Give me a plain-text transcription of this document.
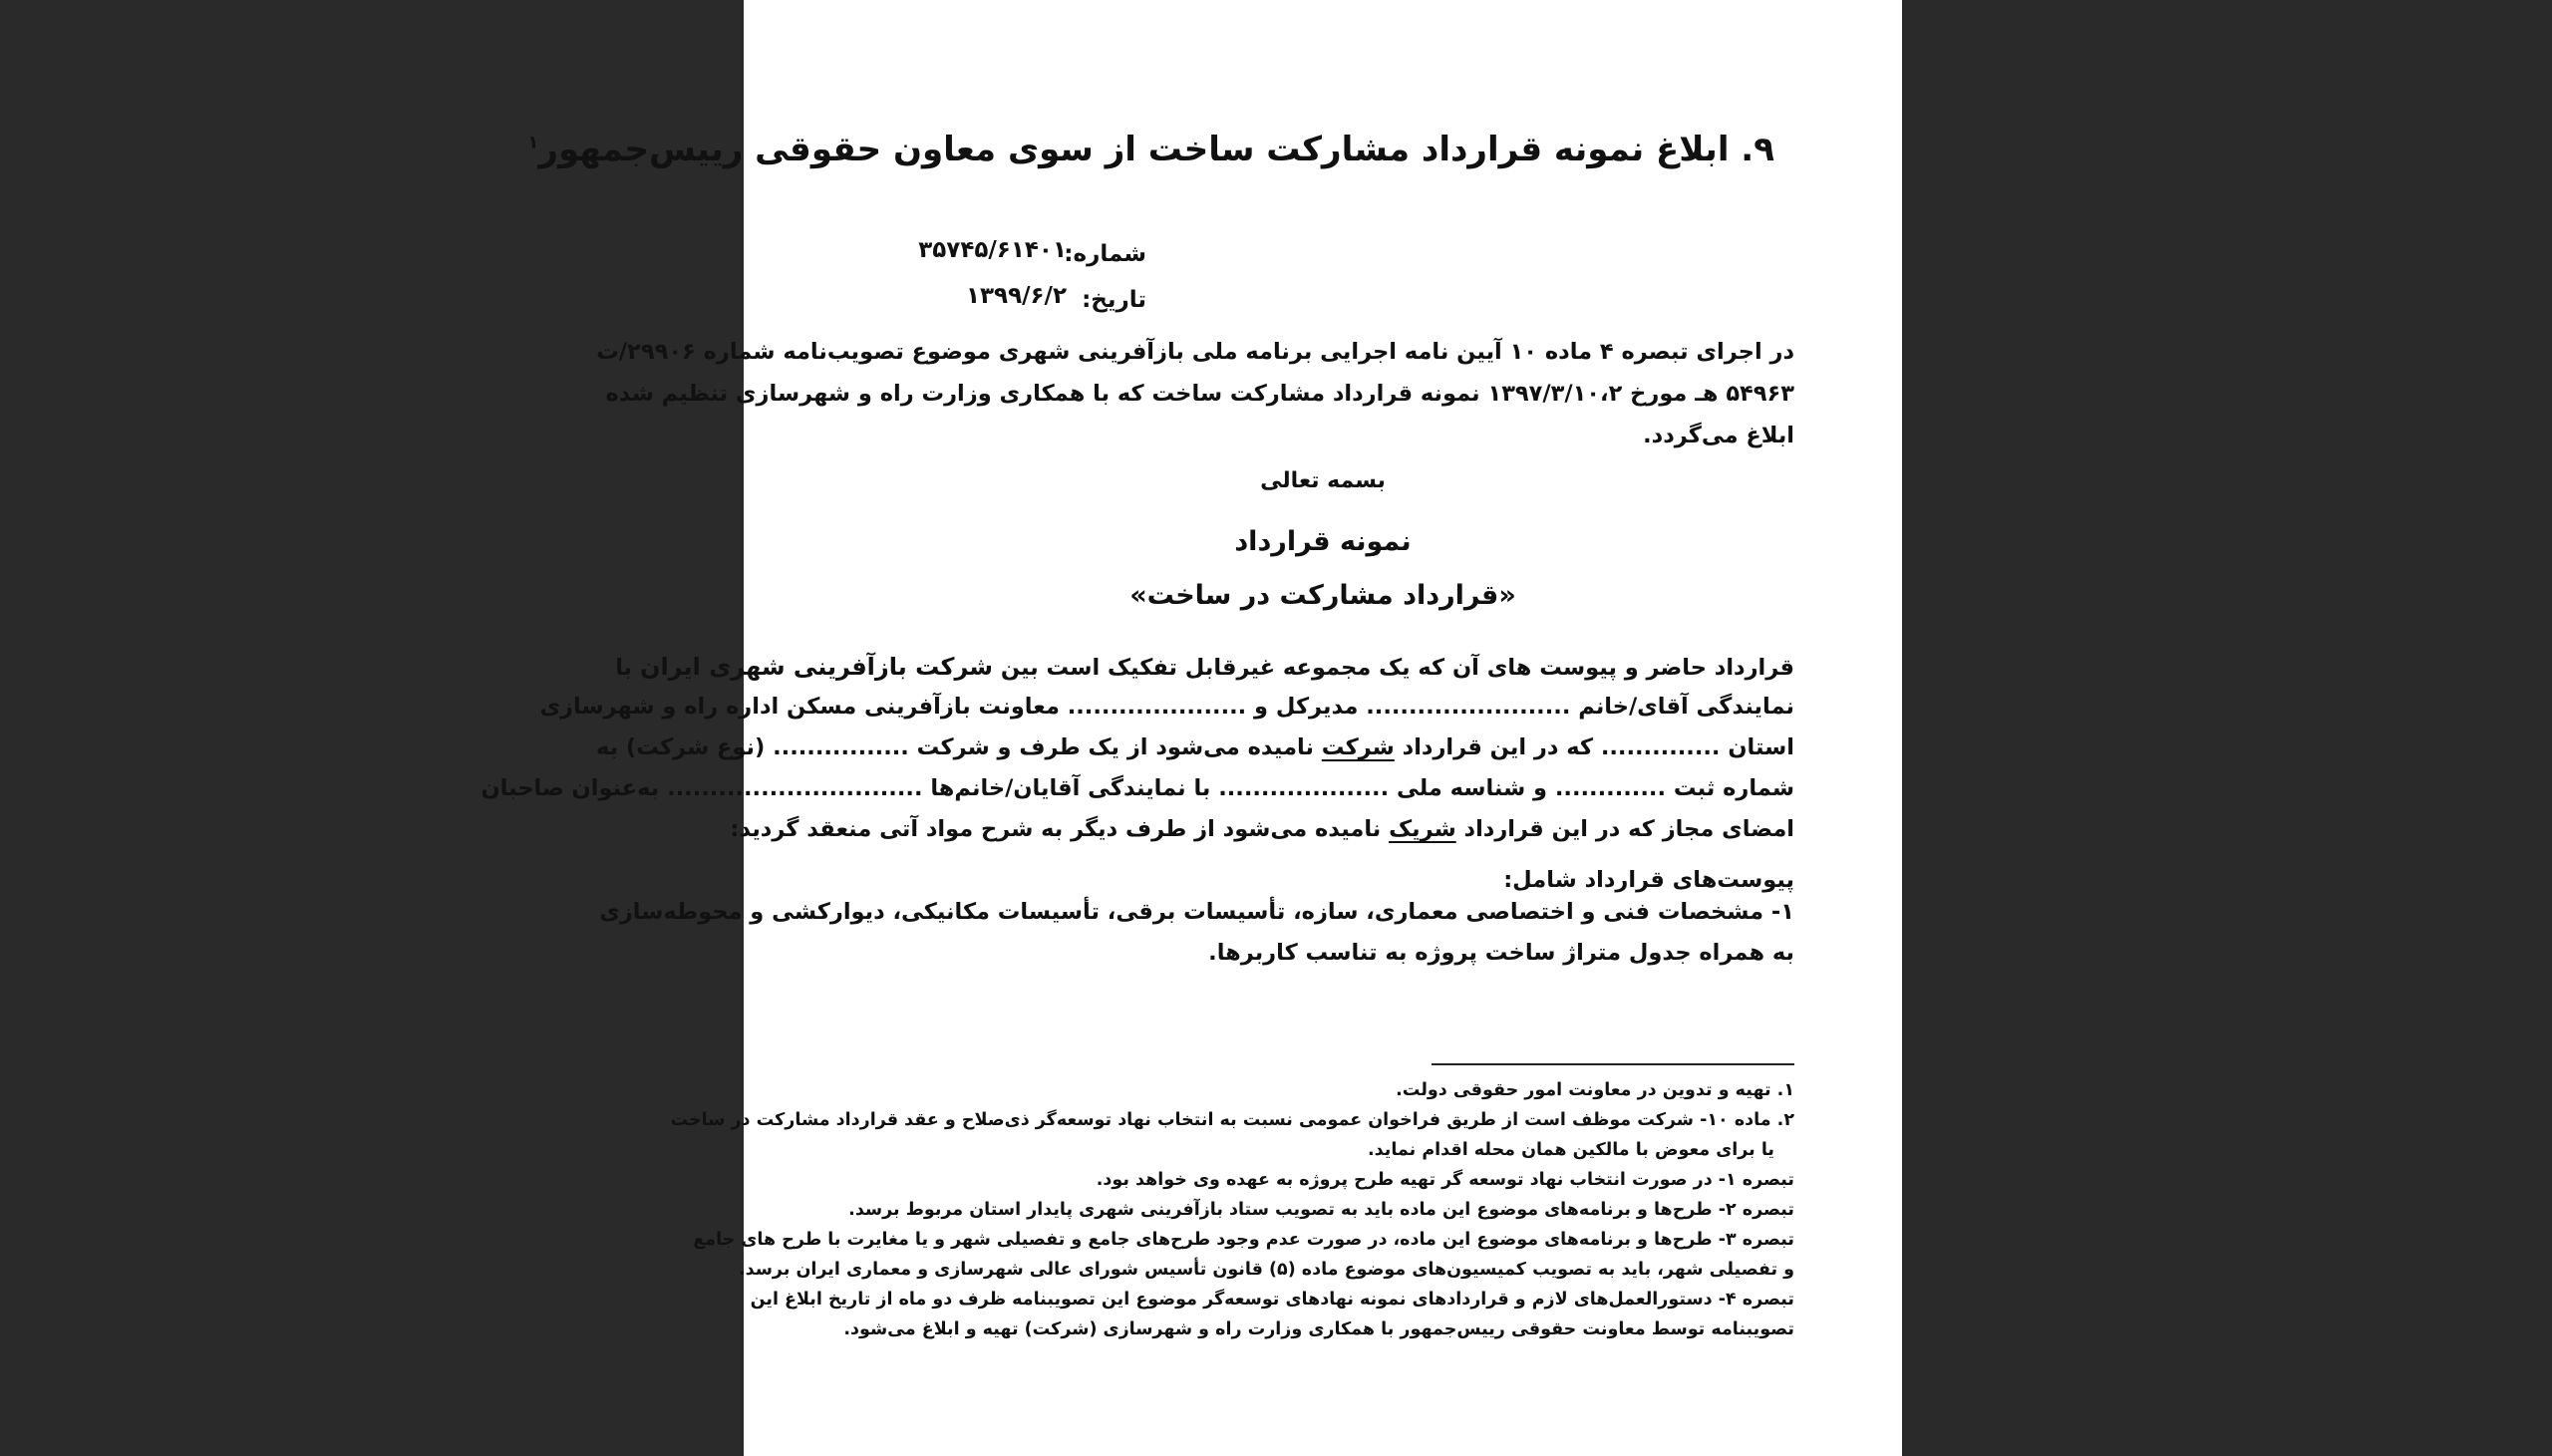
۹. ابلاغ نمونه قرارداد مشارکت ساخت از سوی معاون حقوقی رییس‌جمهور$^۱$
شماره:
۳۵۷۴۵/۶۱۴۰۱
تاریخ:
۱۳۹۹/۶/۲
در اجرای تبصره ۴ ماده ۱۰ آیین نامه اجرایی برنامه ملی بازآفرینی شهری موضوع تصویب‌نامه شماره ۲۹۹۰۶/ت
۵۴۹۶۳ هـ مورخ ۱۳۹۷/۳/۱۰،۲ نمونه قرارداد مشارکت ساخت که با همکاری وزارت راه و شهرسازی تنظیم شده
ابلاغ می‌گردد.
بسمه تعالی
نمونه قرارداد
«قرارداد مشارکت در ساخت»
قرارداد حاضر و پیوست های آن که یک مجموعه غیرقابل تفکیک است بین شرکت بازآفرینی شهری ایران با
نمایندگی آقای/خانم ........................ مدیرکل و ..................... معاونت بازآفرینی مسکن اداره راه و شهرسازی
استان .............. که در این قرارداد شرکت نامیده می‌شود از یک طرف و شرکت ................ (نوع شرکت) به
شماره ثبت ............. و شناسه ملی .................... با نمایندگی آقایان/خانم‌ها .............................. به‌عنوان صاحبان
امضای مجاز که در این قرارداد شریک نامیده می‌شود از طرف دیگر به شرح مواد آتی منعقد گردید:
پیوست‌های قرارداد شامل:
۱- مشخصات فنی و اختصاصی معماری، سازه، تأسیسات برقی، تأسیسات مکانیکی، دیوارکشی و محوطه‌سازی
به همراه جدول متراژ ساخت پروژه به تناسب کاربرها.
۱. تهیه و تدوین در معاونت امور حقوقی دولت.
۲. ماده ۱۰- شرکت موظف است از طریق فراخوان عمومی نسبت به انتخاب نهاد توسعه‌گر ذی‌صلاح و عقد قرارداد مشارکت در ساخت
یا برای معوض با مالکین همان محله اقدام نماید.
تبصره ۱- در صورت انتخاب نهاد توسعه گر تهیه طرح پروژه به عهده وی خواهد بود.
تبصره ۲- طرح‌ها و برنامه‌های موضوع این ماده باید به تصویب ستاد بازآفرینی شهری پایدار استان مربوط برسد.
تبصره ۳- طرح‌ها و برنامه‌های موضوع این ماده، در صورت عدم وجود طرح‌های جامع و تفصیلی شهر و یا مغایرت با طرح های جامع
و تفصیلی شهر، باید به تصویب کمیسیون‌های موضوع ماده (۵) قانون تأسیس شورای عالی شهرسازی و معماری ایران برسد.
تبصره ۴- دستورالعمل‌های لازم و قراردادهای نمونه نهادهای توسعه‌گر موضوع این تصویبنامه ظرف دو ماه از تاریخ ابلاغ این
تصویبنامه توسط معاونت حقوقی رییس‌جمهور با همکاری وزارت راه و شهرسازی (شرکت) تهیه و ابلاغ می‌شود.
